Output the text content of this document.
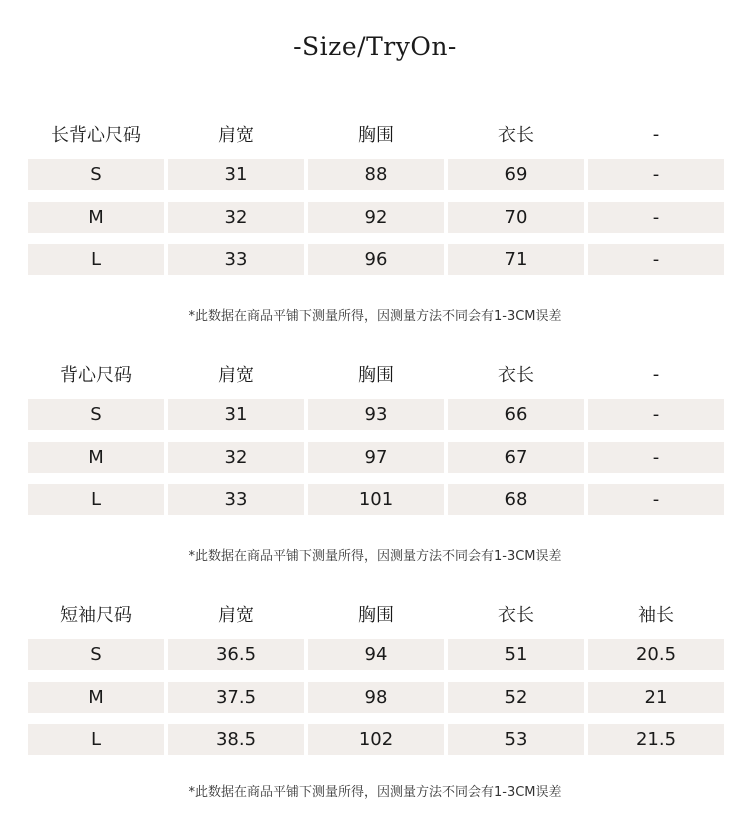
-Size/TryOn-
长背心尺码	肩宽	胸围	衣长	-
S	31	88	69	-
M	32	92	70	-
L	33	96	71	-
*此数据在商品平铺下测量所得，因测量方法不同会有1-3CM误差
背心尺码	肩宽	胸围	衣长	-
S	31	93	66	-
M	32	97	67	-
L	33	101	68	-
*此数据在商品平铺下测量所得，因测量方法不同会有1-3CM误差
短袖尺码	肩宽	胸围	衣长	袖长
S	36.5	94	51	20.5
M	37.5	98	52	21
L	38.5	102	53	21.5
*此数据在商品平铺下测量所得，因测量方法不同会有1-3CM误差
